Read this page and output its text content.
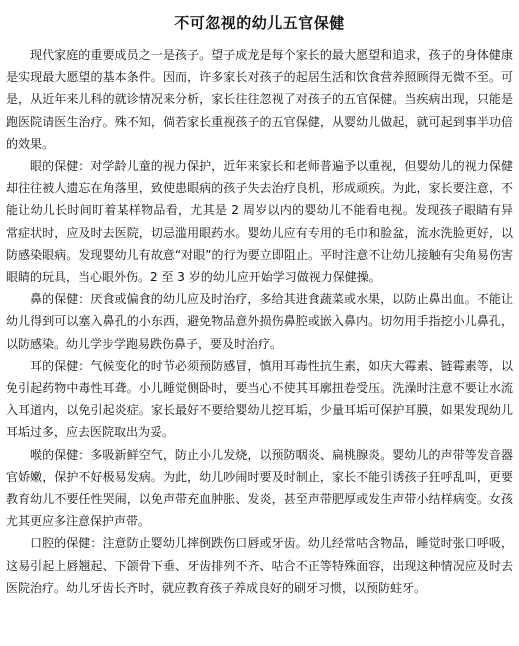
不可忽视的幼儿五官保健

现代家庭的重要成员之一是孩子。望子成龙是每个家长的最大愿望和追求，孩子的身体健康是实现最大愿望的基本条件。因而，许多家长对孩子的起居生活和饮食营养照顾得无微不至。可是，从近年来儿科的就诊情况来分析，家长往往忽视了对孩子的五官保健。当疾病出现，只能是跑医院请医生治疗。殊不知，倘若家长重视孩子的五官保健，从婴幼儿做起，就可起到事半功倍的效果。

眼的保健：对学龄儿童的视力保护，近年来家长和老师普遍予以重视，但婴幼儿的视力保健却往往被人遗忘在角落里，致使患眼病的孩子失去治疗良机，形成顽疾。为此，家长要注意，不能让幼儿长时间盯着某样物品看，尤其是 2 周岁以内的婴幼儿不能看电视。发现孩子眼睛有异常症状时，应及时去医院，切忌滥用眼药水。婴幼儿应有专用的毛巾和脸盆，流水洗脸更好，以防感染眼病。发现婴幼儿有故意“对眼”的行为要立即阻止。平时注意不让幼儿接触有尖角易伤害眼睛的玩具，当心眼外伤。2 至 3 岁的幼儿应开始学习做视力保健操。

鼻的保健：厌食或偏食的幼儿应及时治疗，多给其进食蔬菜或水果，以防止鼻出血。不能让幼儿得到可以塞入鼻孔的小东西，避免物品意外损伤鼻腔或嵌入鼻内。切勿用手指挖小儿鼻孔，以防感染。幼儿学步学跑易跌伤鼻子，要及时治疗。

耳的保健：气候变化的时节必须预防感冒，慎用耳毒性抗生素，如庆大霉素、链霉素等，以免引起药物中毒性耳聋。小儿睡觉侧卧时，要当心不使其耳廓扭卷受压。洗澡时注意不要让水流入耳道内，以免引起炎症。家长最好不要给婴幼儿挖耳垢，少量耳垢可保护耳膜，如果发现幼儿耳垢过多，应去医院取出为妥。

喉的保健：多吸新鲜空气，防止小儿发烧，以预防咽炎、扁桃腺炎。婴幼儿的声带等发音器官娇嫩，保护不好极易发病。为此，幼儿吵闹时要及时制止，家长不能引诱孩子狂呼乱叫，更要教育幼儿不要任性哭闹，以免声带充血肿胀、发炎，甚至声带肥厚或发生声带小结样病变。女孩尤其更应多注意保护声带。

口腔的保健：注意防止婴幼儿摔倒跌伤口唇或牙齿。幼儿经常咕含物品，睡觉时张口呼吸，这易引起上唇翘起、下颌骨下垂、牙齿排列不齐、咕合不正等特殊面容，出现这种情况应及时去医院治疗。幼儿牙齿长齐时，就应教育孩子养成良好的刷牙习惯，以预防蛀牙。
